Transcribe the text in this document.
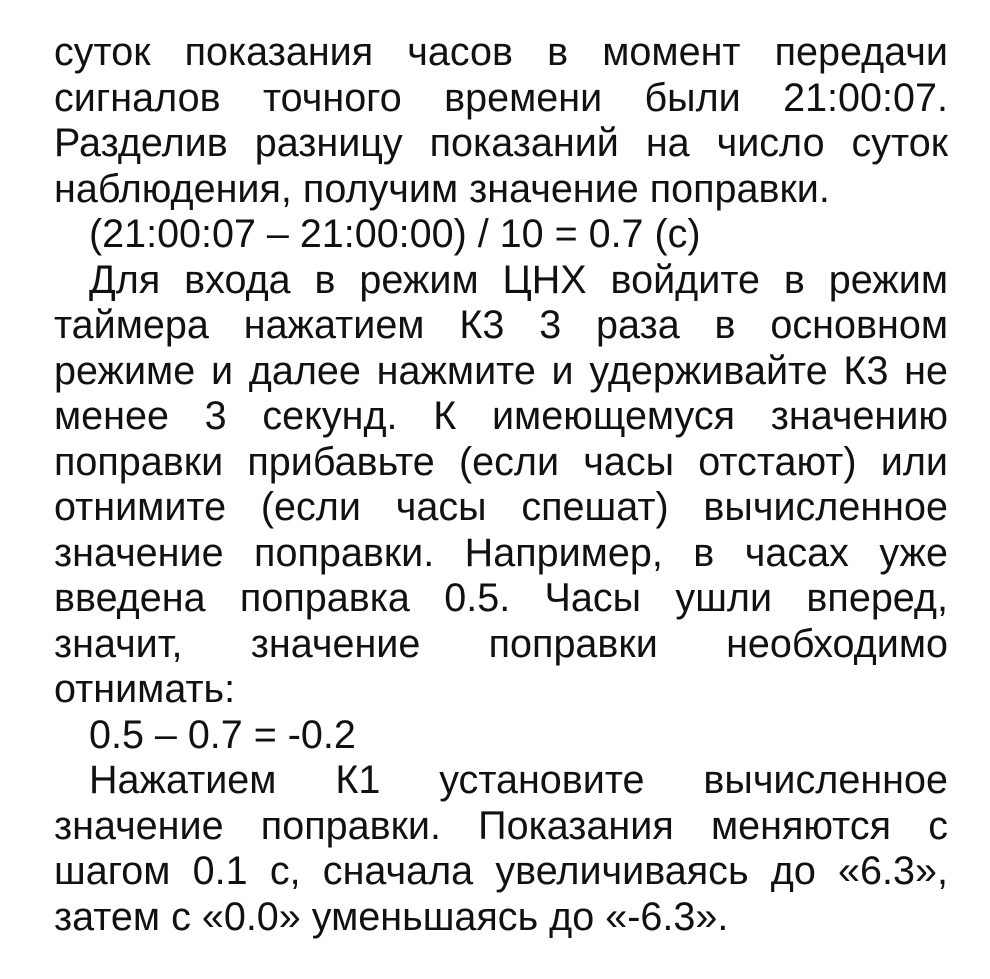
суток показания часов в момент передачи сигналов точного времени были 21:00:07. Разделив разницу показаний на число суток наблюдения, получим значение поправки.

(21:00:07 – 21:00:00) / 10 = 0.7 (с)

Для входа в режим ЦНХ войдите в режим таймера нажатием К3 3 раза в основном режиме и далее нажмите и удерживайте К3 не менее 3 секунд. К имеющемуся значению поправки прибавьте (если часы отстают) или отнимите (если часы спешат) вычисленное значение поправки. Например, в часах уже введена поправка 0.5. Часы ушли вперед, значит, значение поправки необходимо отнимать:

0.5 – 0.7 = -0.2

Нажатием К1 установите вычисленное значение поправки. Показания меняются с шагом 0.1 с, сначала увеличиваясь до «6.3», затем с «0.0» уменьшаясь до «-6.3».
